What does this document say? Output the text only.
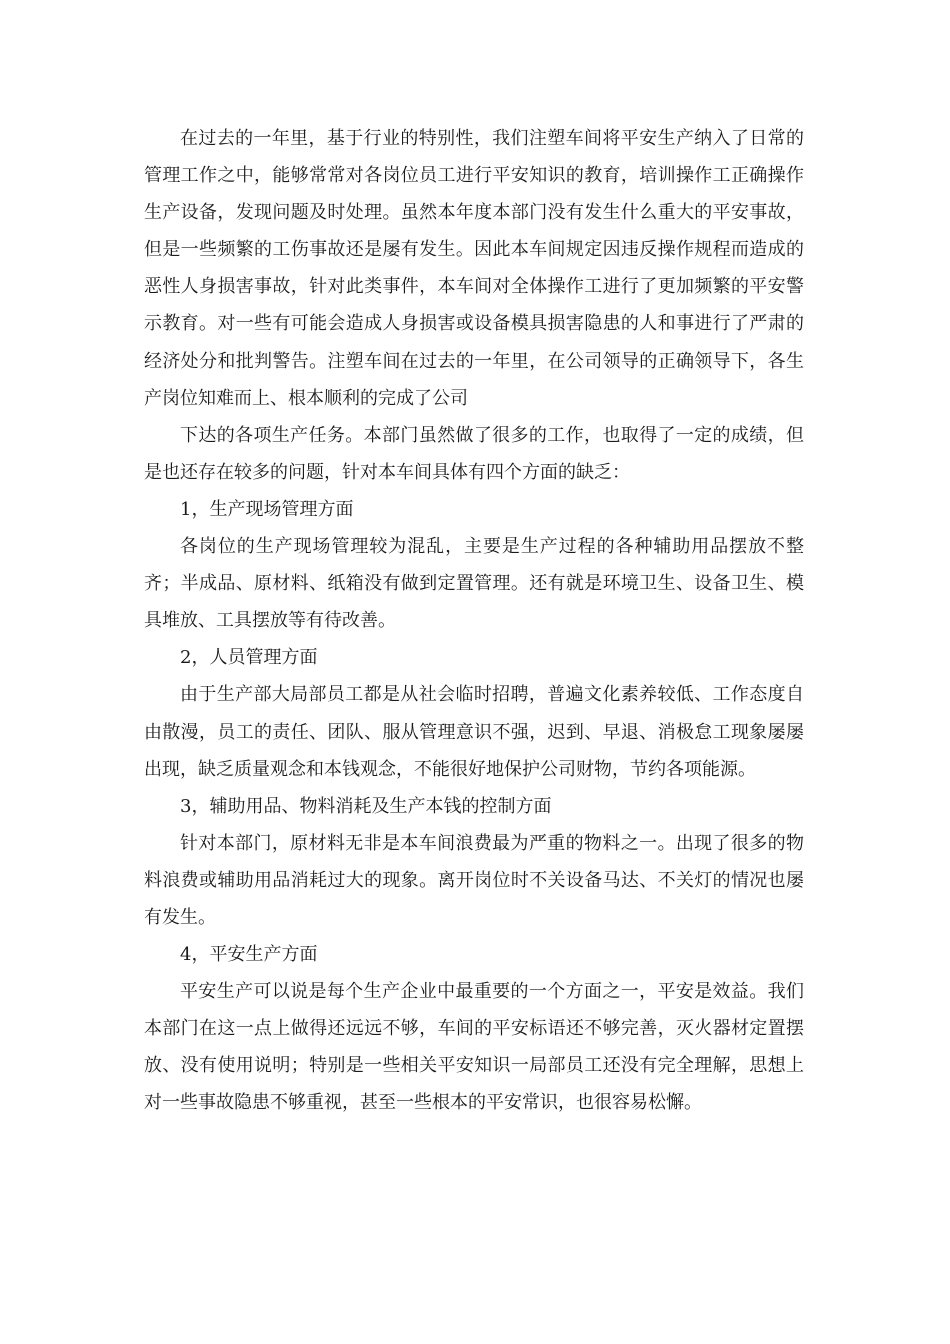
在过去的一年里，基于行业的特别性，我们注塑车间将平安生产纳入了日常的管理工作之中，能够常常对各岗位员工进行平安知识的教育，培训操作工正确操作生产设备，发现问题及时处理。虽然本年度本部门没有发生什么重大的平安事故，但是一些频繁的工伤事故还是屡有发生。因此本车间规定因违反操作规程而造成的恶性人身损害事故，针对此类事件，本车间对全体操作工进行了更加频繁的平安警示教育。对一些有可能会造成人身损害或设备模具损害隐患的人和事进行了严肃的经济处分和批判警告。注塑车间在过去的一年里，在公司领导的正确领导下，各生产岗位知难而上、根本顺利的完成了公司

下达的各项生产任务。本部门虽然做了很多的工作，也取得了一定的成绩，但是也还存在较多的问题，针对本车间具体有四个方面的缺乏：

1，生产现场管理方面

各岗位的生产现场管理较为混乱，主要是生产过程的各种辅助用品摆放不整齐；半成品、原材料、纸箱没有做到定置管理。还有就是环境卫生、设备卫生、模具堆放、工具摆放等有待改善。

2，人员管理方面

由于生产部大局部员工都是从社会临时招聘，普遍文化素养较低、工作态度自由散漫，员工的责任、团队、服从管理意识不强，迟到、早退、消极怠工现象屡屡出现，缺乏质量观念和本钱观念，不能很好地保护公司财物，节约各项能源。

3，辅助用品、物料消耗及生产本钱的控制方面

针对本部门，原材料无非是本车间浪费最为严重的物料之一。出现了很多的物料浪费或辅助用品消耗过大的现象。离开岗位时不关设备马达、不关灯的情况也屡有发生。

4，平安生产方面

平安生产可以说是每个生产企业中最重要的一个方面之一，平安是效益。我们本部门在这一点上做得还远远不够，车间的平安标语还不够完善，灭火器材定置摆放、没有使用说明；特别是一些相关平安知识一局部员工还没有完全理解，思想上对一些事故隐患不够重视，甚至一些根本的平安常识，也很容易松懈。
